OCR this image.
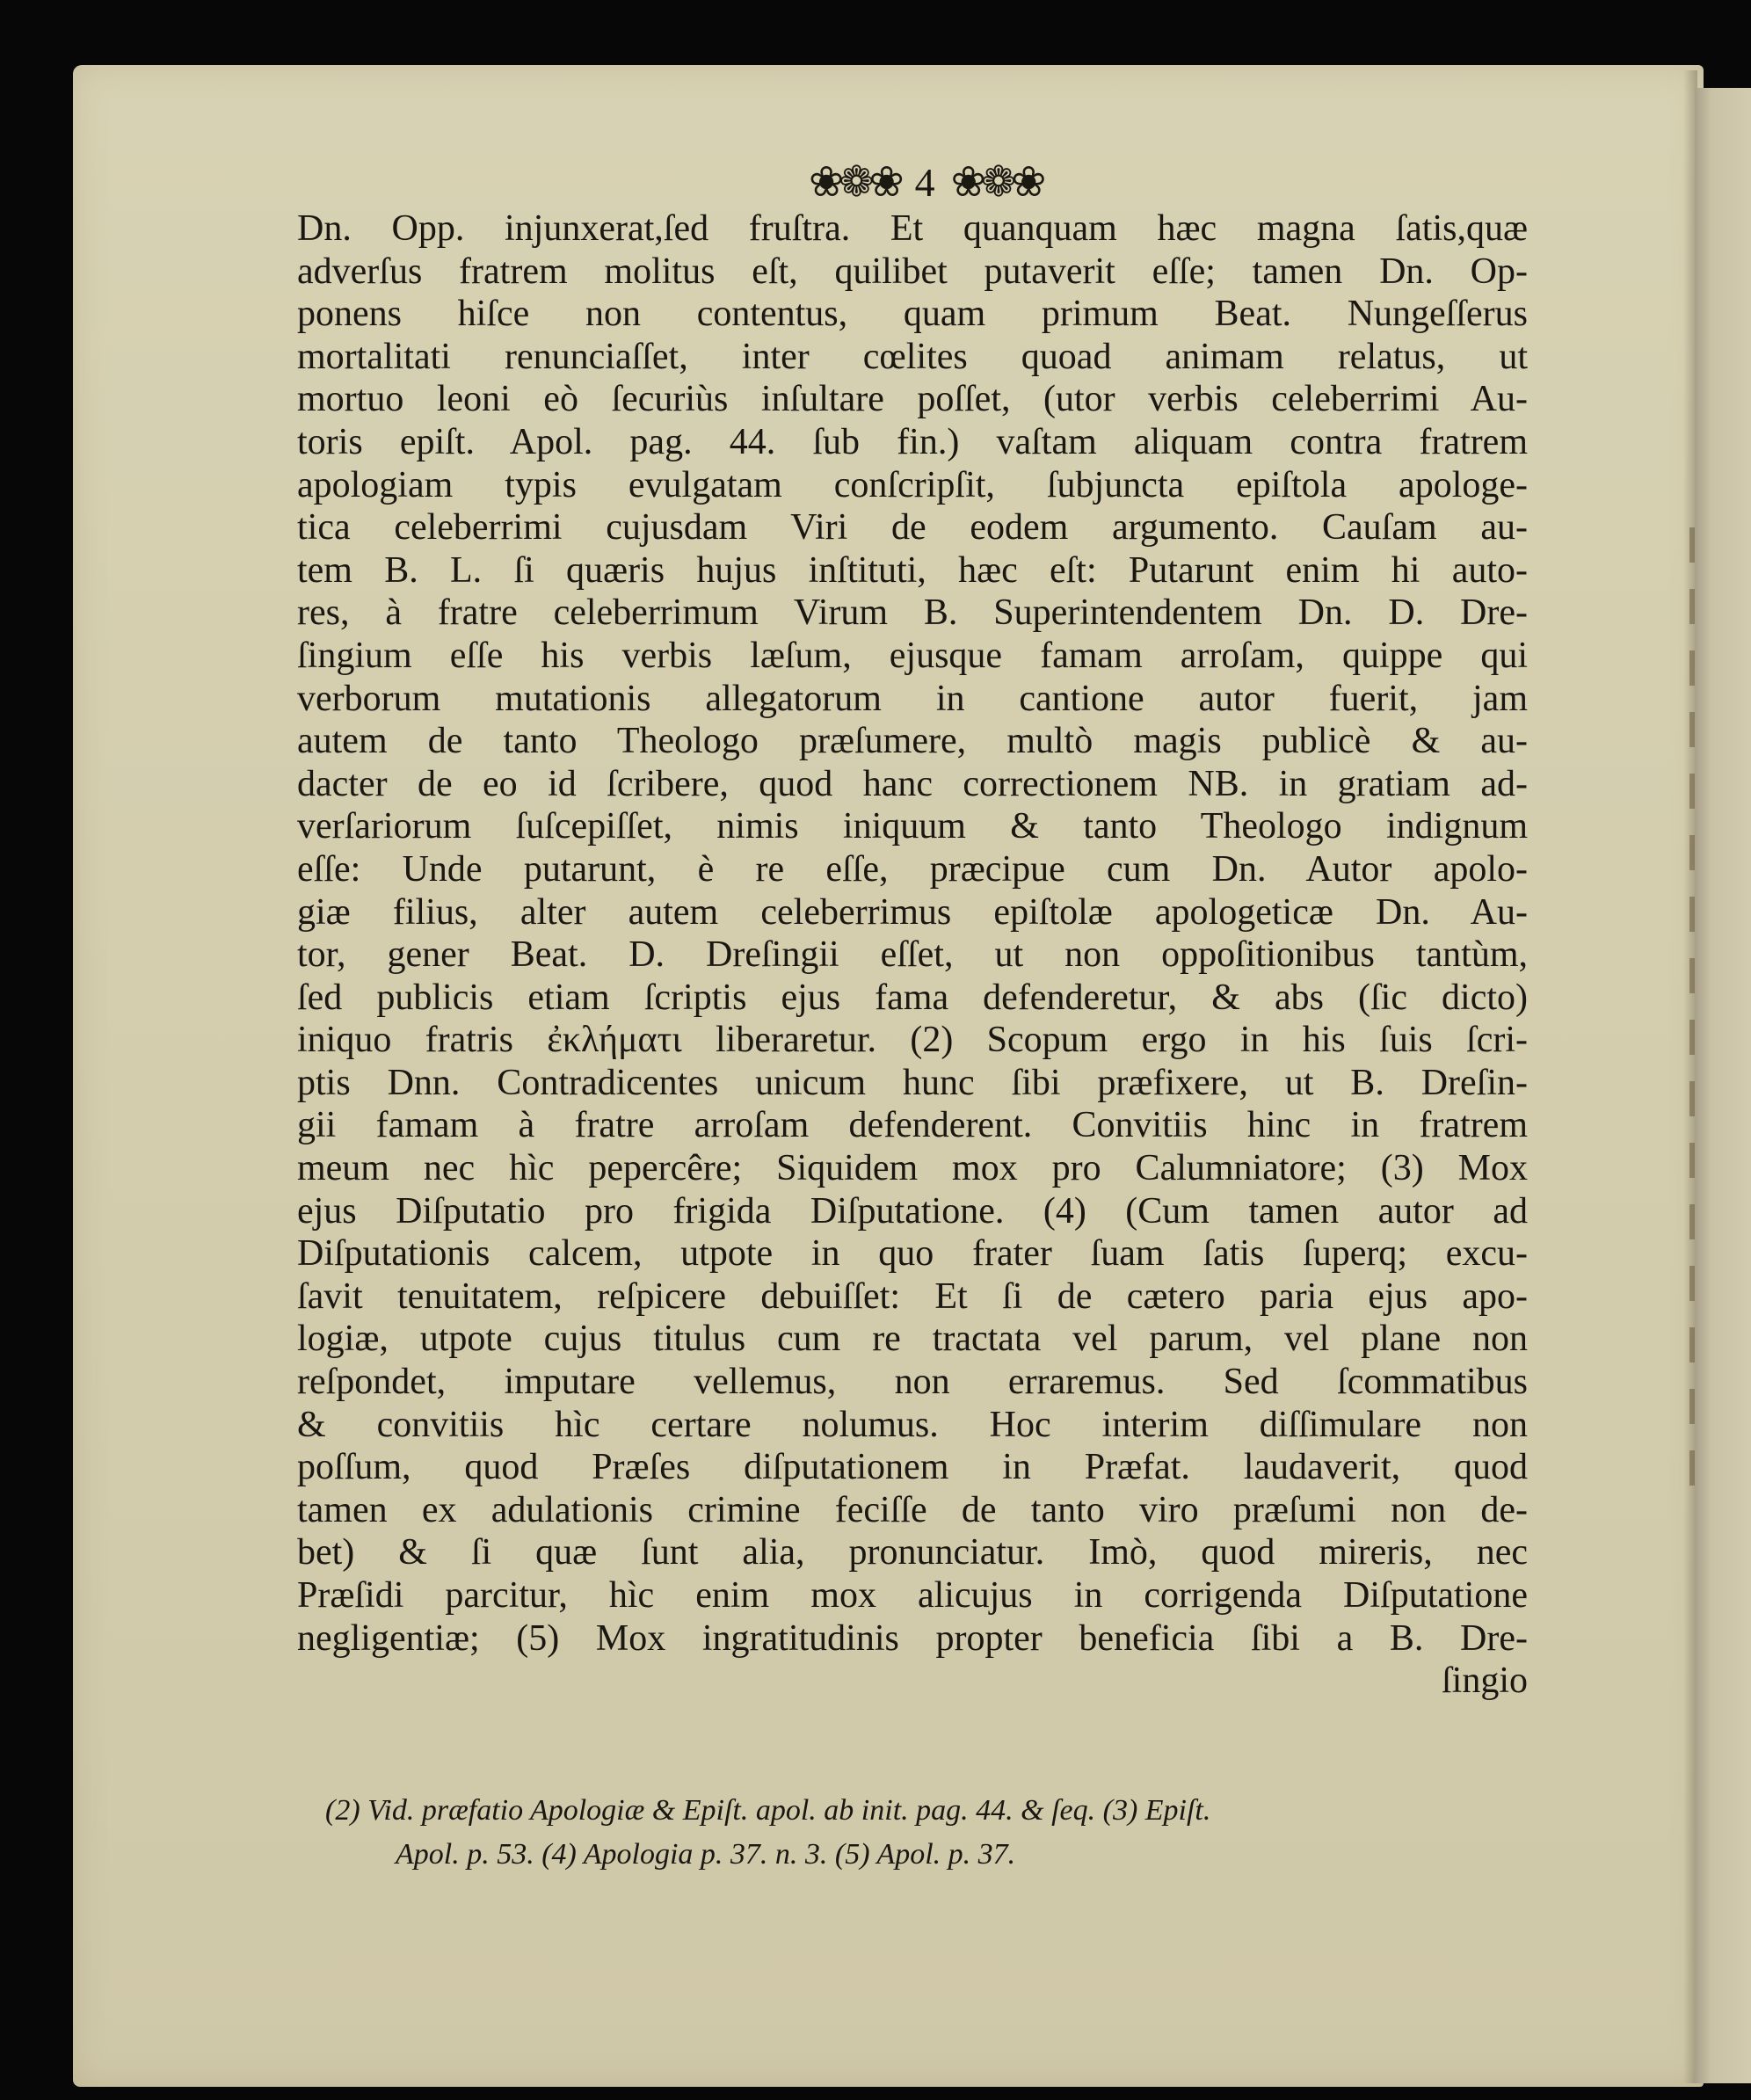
❀❁❀ 4 ❀❁❀
Dn. Opp. injunxerat,ſed fruſtra. Et quanquam hæc magna ſatis,quæ
adverſus fratrem molitus eſt, quilibet putaverit eſſe; tamen Dn. Op-
ponens hiſce non contentus, quam primum Beat. Nungeſſerus
mortalitati renunciaſſet, inter cœlites quoad animam relatus, ut
mortuo leoni eò ſecuriùs inſultare poſſet, (utor verbis celeberrimi Au-
toris epiſt. Apol. pag. 44. ſub fin.) vaſtam aliquam contra fratrem
apologiam typis evulgatam conſcripſit, ſubjuncta epiſtola apologe-
tica celeberrimi cujusdam Viri de eodem argumento. Cauſam au-
tem B. L. ſi quæris hujus inſtituti, hæc eſt: Putarunt enim hi auto-
res, à fratre celeberrimum Virum B. Superintendentem Dn. D. Dre-
ſingium eſſe his verbis læſum, ejusque famam arroſam, quippe qui
verborum mutationis allegatorum in cantione autor fuerit, jam
autem de tanto Theologo præſumere, multò magis publicè & au-
dacter de eo id ſcribere, quod hanc correctionem NB. in gratiam ad-
verſariorum ſuſcepiſſet, nimis iniquum & tanto Theologo indignum
eſſe: Unde putarunt, è re eſſe, præcipue cum Dn. Autor apolo-
giæ filius, alter autem celeberrimus epiſtolæ apologeticæ Dn. Au-
tor, gener Beat. D. Dreſingii eſſet, ut non oppoſitionibus tantùm,
ſed publicis etiam ſcriptis ejus fama defenderetur, & abs (ſic dicto)
iniquo fratris ἐκλήματι liberaretur. (2) Scopum ergo in his ſuis ſcri-
ptis Dnn. Contradicentes unicum hunc ſibi præfixere, ut B. Dreſin-
gii famam à fratre arroſam defenderent. Convitiis hinc in fratrem
meum nec hìc pepercêre; Siquidem mox pro Calumniatore; (3) Mox
ejus Diſputatio pro frigida Diſputatione. (4) (Cum tamen autor ad
Diſputationis calcem, utpote in quo frater ſuam ſatis ſuperq; excu-
ſavit tenuitatem, reſpicere debuiſſet: Et ſi de cætero paria ejus apo-
logiæ, utpote cujus titulus cum re tractata vel parum, vel plane non
reſpondet, imputare vellemus, non erraremus. Sed ſcommatibus
& convitiis hìc certare nolumus. Hoc interim diſſimulare non
poſſum, quod Præſes diſputationem in Præfat. laudaverit, quod
tamen ex adulationis crimine feciſſe de tanto viro præſumi non de-
bet) & ſi quæ ſunt alia, pronunciatur. Imò, quod mireris, nec
Præſidi parcitur, hìc enim mox alicujus in corrigenda Diſputatione
negligentiæ; (5) Mox ingratitudinis propter beneficia ſibi a B. Dre-
ſingio
(2) Vid. præfatio Apologiæ & Epiſt. apol. ab init. pag. 44. & ſeq. (3) Epiſt.
Apol. p. 53. (4) Apologia p. 37. n. 3. (5) Apol. p. 37.
